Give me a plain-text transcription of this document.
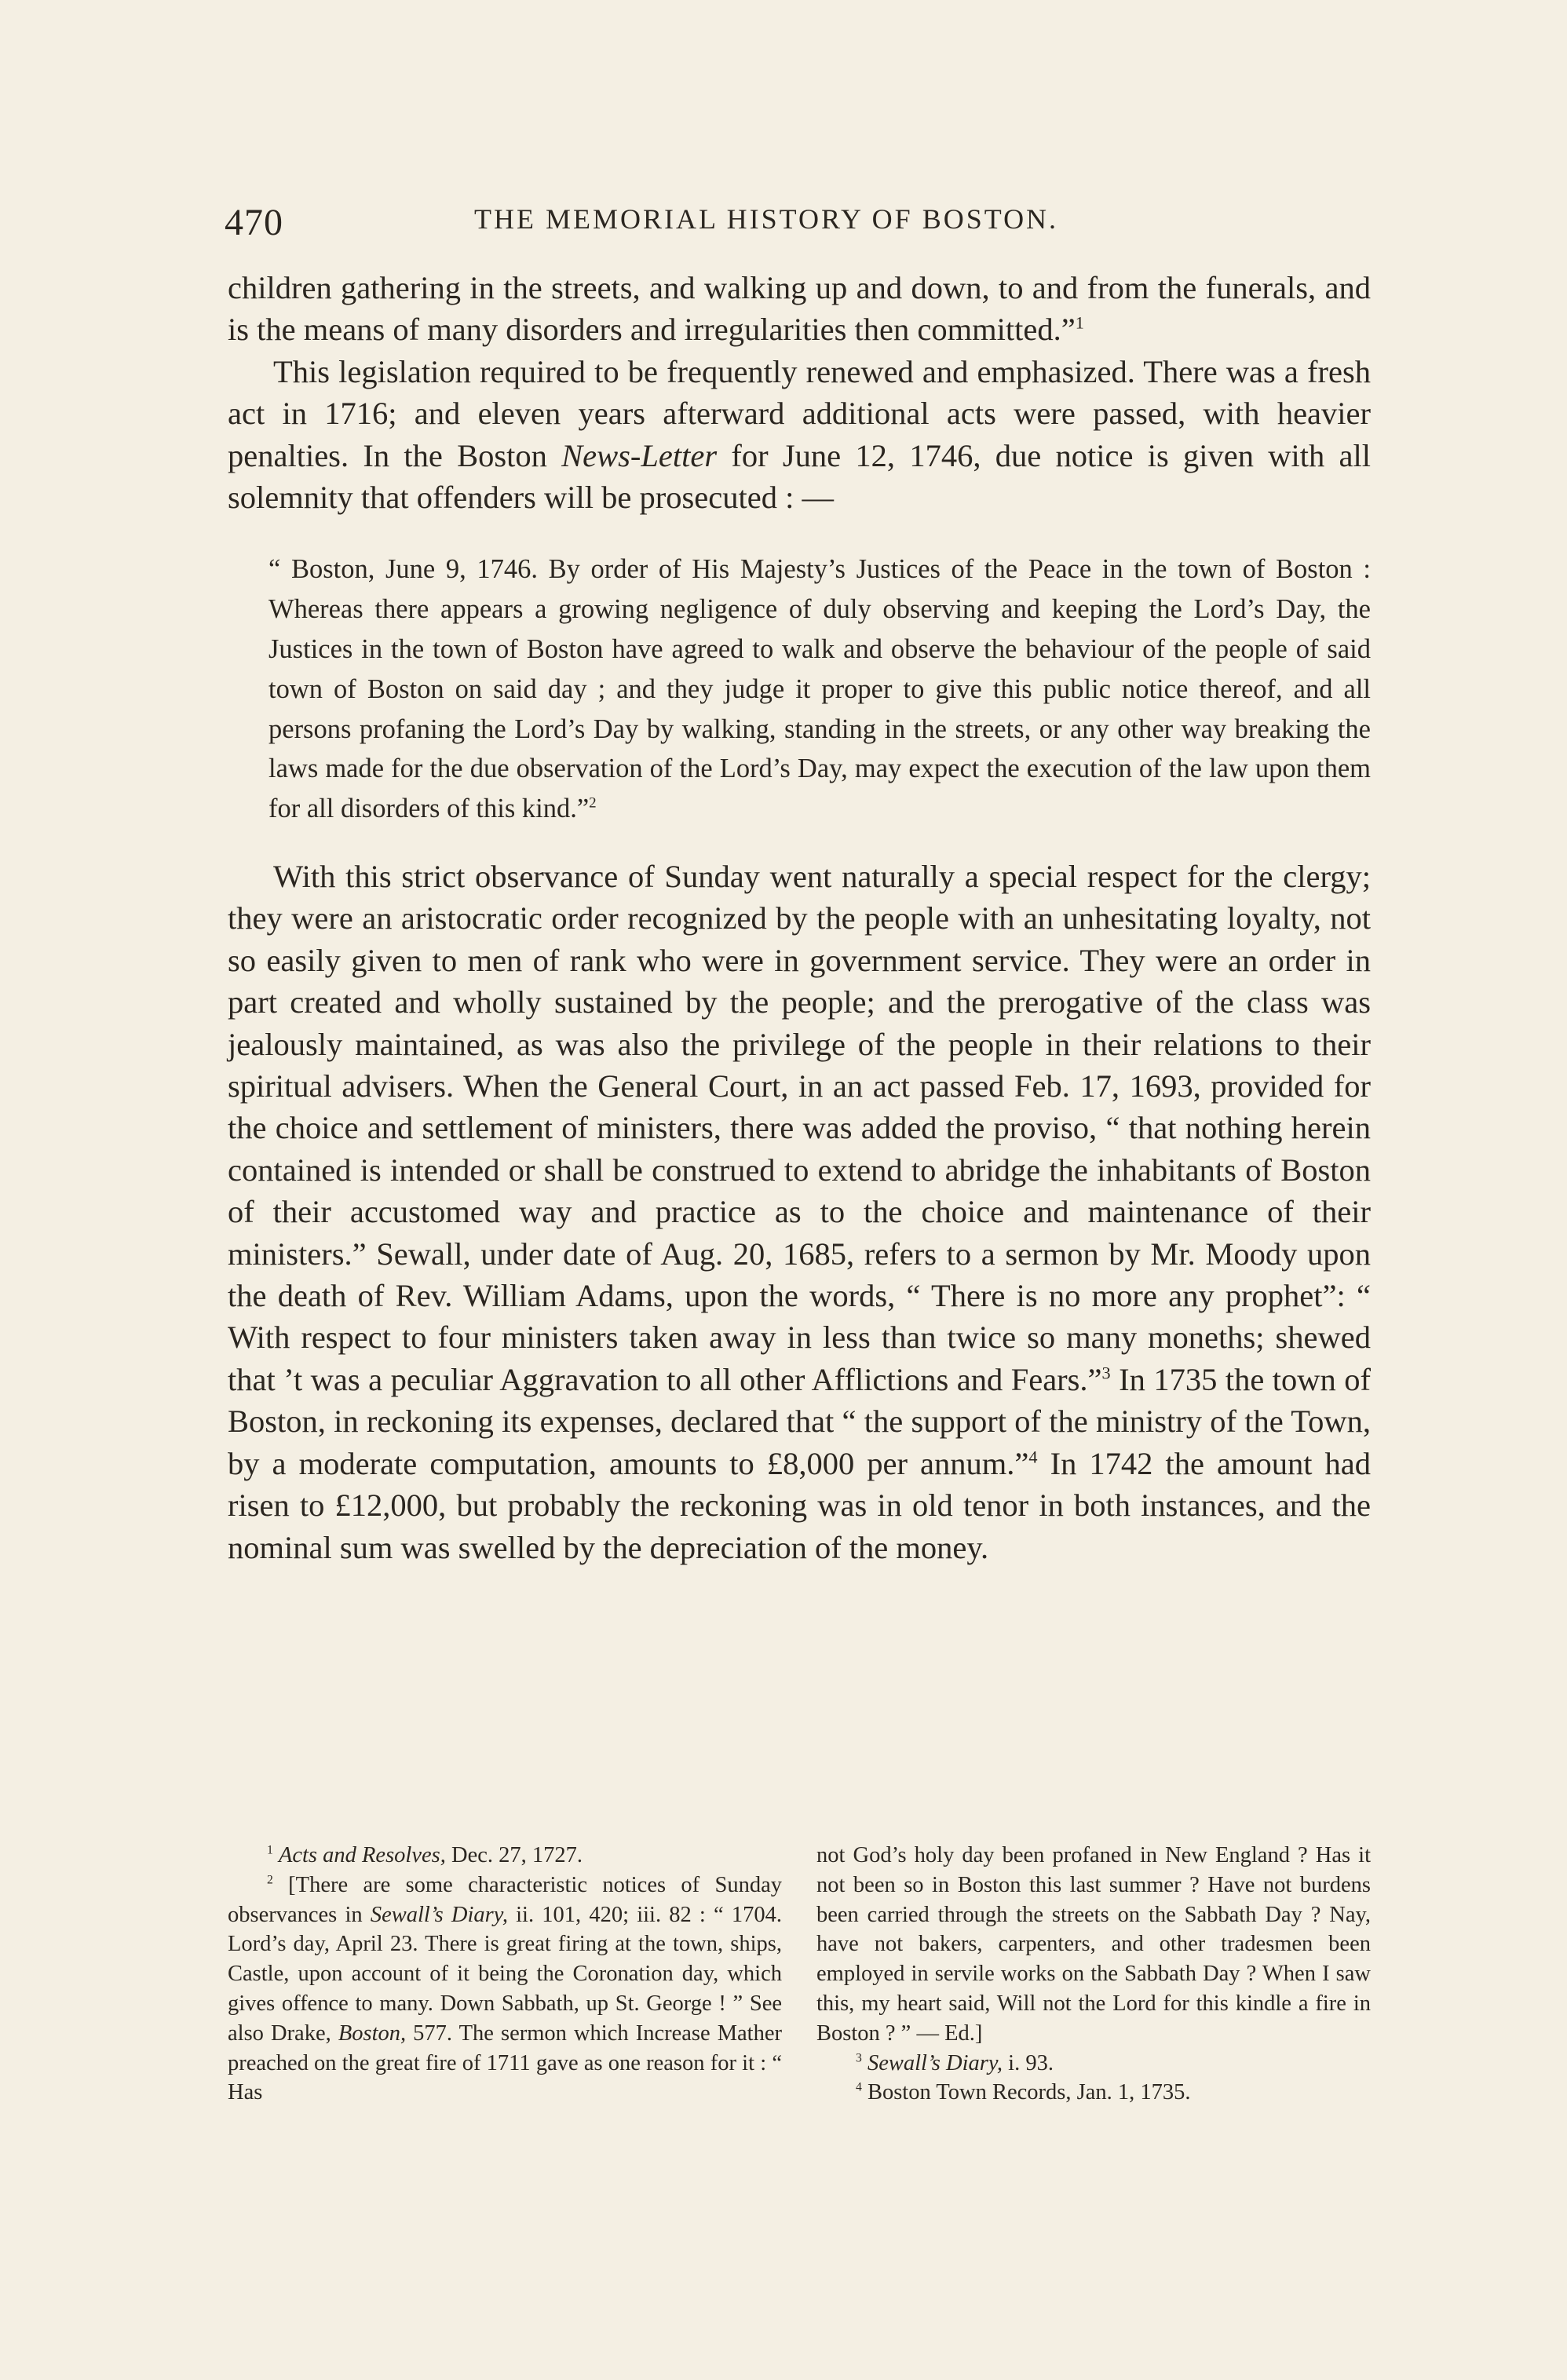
470	THE MEMORIAL HISTORY OF BOSTON.

children gathering in the streets, and walking up and down, to and from the funerals, and is the means of many disorders and irregularities then committed.”$^1$

This legislation required to be frequently renewed and emphasized. There was a fresh act in 1716; and eleven years afterward additional acts were passed, with heavier penalties. In the Boston News-Letter for June 12, 1746, due notice is given with all solemnity that offenders will be prosecuted : —

“ Boston, June 9, 1746. By order of His Majesty’s Justices of the Peace in the town of Boston : Whereas there appears a growing negligence of duly observing and keeping the Lord’s Day, the Justices in the town of Boston have agreed to walk and observe the behaviour of the people of said town of Boston on said day ; and they judge it proper to give this public notice thereof, and all persons profaning the Lord’s Day by walking, standing in the streets, or any other way breaking the laws made for the due observation of the Lord’s Day, may expect the execution of the law upon them for all disorders of this kind.”$^2$

With this strict observance of Sunday went naturally a special respect for the clergy; they were an aristocratic order recognized by the people with an unhesitating loyalty, not so easily given to men of rank who were in government service. They were an order in part created and wholly sustained by the people; and the prerogative of the class was jealously maintained, as was also the privilege of the people in their relations to their spiritual advisers. When the General Court, in an act passed Feb. 17, 1693, provided for the choice and settlement of ministers, there was added the proviso, “ that nothing herein contained is intended or shall be construed to extend to abridge the inhabitants of Boston of their accustomed way and practice as to the choice and maintenance of their ministers.” Sewall, under date of Aug. 20, 1685, refers to a sermon by Mr. Moody upon the death of Rev. William Adams, upon the words, “ There is no more any prophet”: “ With respect to four ministers taken away in less than twice so many moneths; shewed that ’t was a peculiar Aggravation to all other Afflictions and Fears.”$^3$ In 1735 the town of Boston, in reckoning its expenses, declared that “ the support of the ministry of the Town, by a moderate computation, amounts to £8,000 per annum.”$^4$ In 1742 the amount had risen to £12,000, but probably the reckoning was in old tenor in both instances, and the nominal sum was swelled by the depreciation of the money.

$^1$ Acts and Resolves, Dec. 27, 1727.

$^2$ [There are some characteristic notices of Sunday observances in Sewall’s Diary, ii. 101, 420; iii. 82 : “ 1704. Lord’s day, April 23. There is great firing at the town, ships, Castle, upon account of it being the Coronation day, which gives offence to many. Down Sabbath, up St. George ! ” See also Drake, Boston, 577. The sermon which Increase Mather preached on the great fire of 1711 gave as one reason for it : “ Has

not God’s holy day been profaned in New England ? Has it not been so in Boston this last summer ? Have not burdens been carried through the streets on the Sabbath Day ? Nay, have not bakers, carpenters, and other tradesmen been employed in servile works on the Sabbath Day ? When I saw this, my heart said, Will not the Lord for this kindle a fire in Boston ? ” — Ed.]

$^3$ Sewall’s Diary, i. 93.

$^4$ Boston Town Records, Jan. 1, 1735.
